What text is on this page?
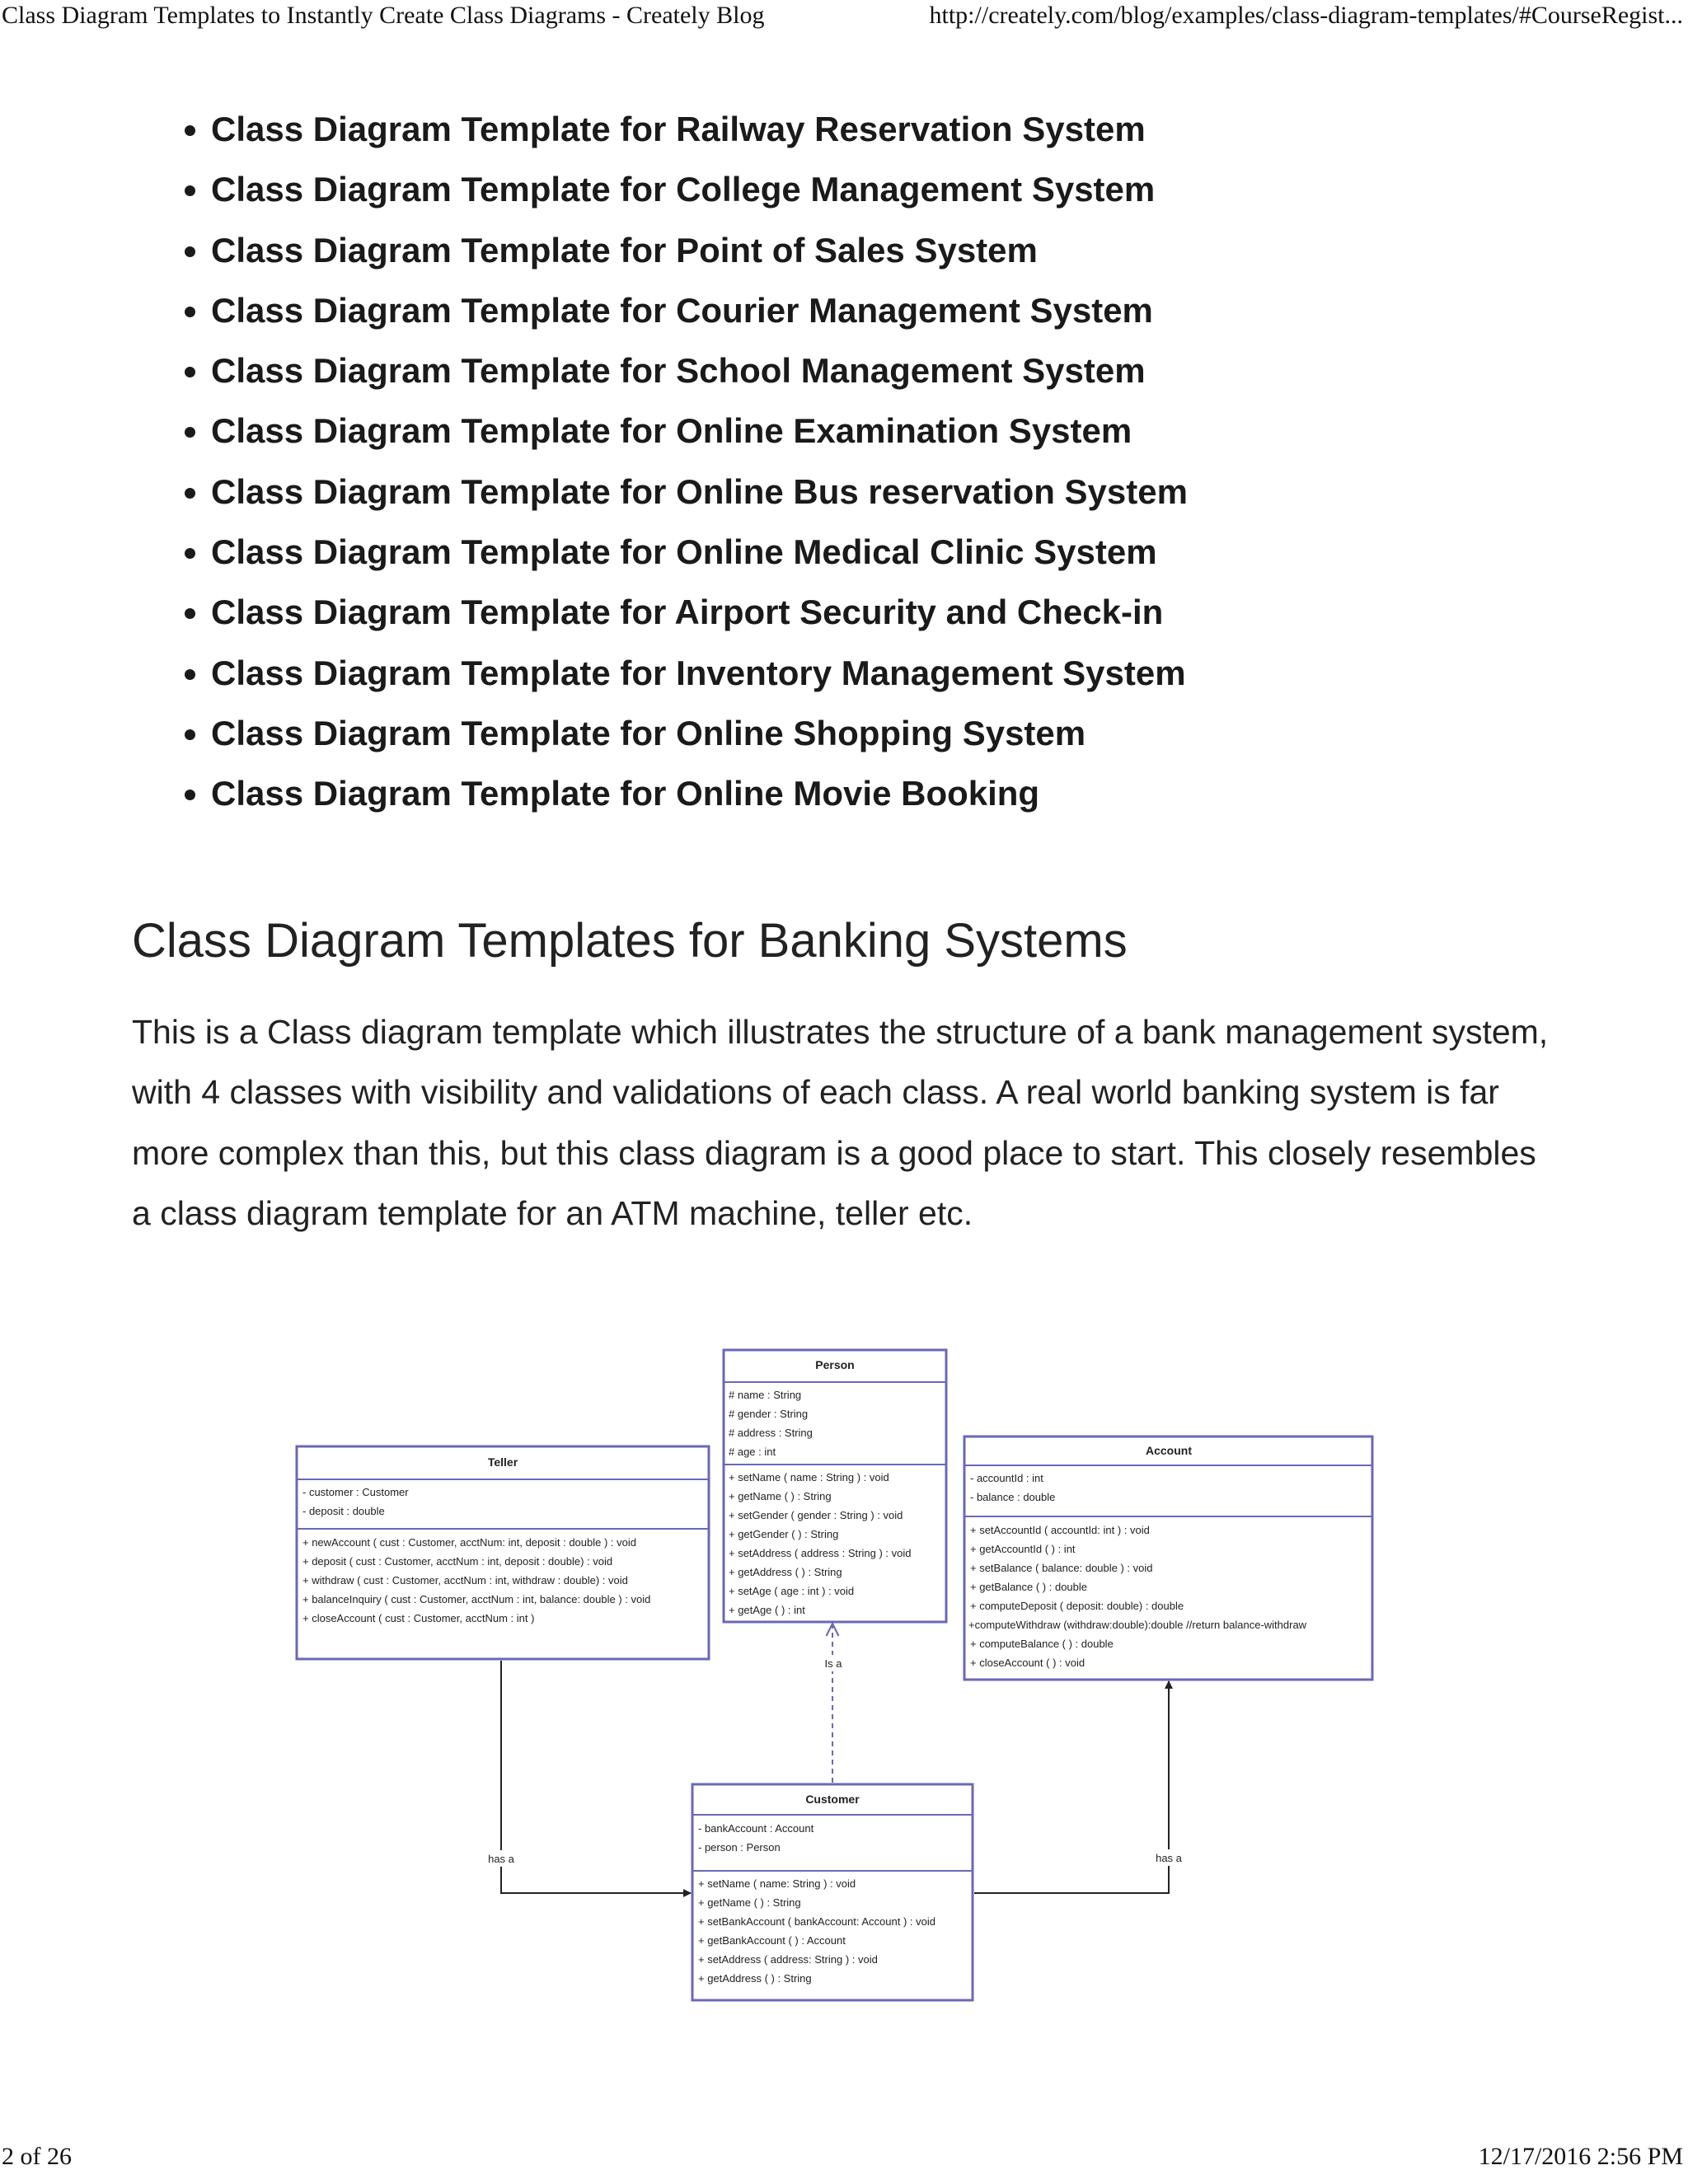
Class Diagram Templates to Instantly Create Class Diagrams - Creately Blog	http://creately.com/blog/examples/class-diagram-templates/#CourseRegist...
• Class Diagram Template for Railway Reservation System
• Class Diagram Template for College Management System
• Class Diagram Template for Point of Sales System
• Class Diagram Template for Courier Management System
• Class Diagram Template for School Management System
• Class Diagram Template for Online Examination System
• Class Diagram Template for Online Bus reservation System
• Class Diagram Template for Online Medical Clinic System
• Class Diagram Template for Airport Security and Check-in
• Class Diagram Template for Inventory Management System
• Class Diagram Template for Online Shopping System
• Class Diagram Template for Online Movie Booking
Class Diagram Templates for Banking Systems

This is a Class diagram template which illustrates the structure of a bank management system, with 4 classes with visibility and validations of each class. A real world banking system is far more complex than this, but this class diagram is a good place to start. This closely resembles a class diagram template for an ATM machine, teller etc.

Person
# name : String
# gender : String
# address : String
# age : int
+ setName ( name : String ) : void
+ getName ( ) : String
+ setGender ( gender : String ) : void
+ getGender ( ) : String
+ setAddress ( address : String ) : void
+ getAddress ( ) : String
+ setAge ( age : int ) : void
+ getAge ( ) : int
Teller
- customer : Customer
- deposit : double
+ newAccount ( cust : Customer, acctNum: int, deposit : double ) : void
+ deposit ( cust : Customer, acctNum : int, deposit : double) : void
+ withdraw ( cust : Customer, acctNum : int, withdraw : double) : void
+ balanceInquiry ( cust : Customer, acctNum : int, balance: double ) : void
+ closeAccount ( cust : Customer, acctNum : int )
Account
- accountId : int
- balance : double
+ setAccountId ( accountId: int ) : void
+ getAccountId ( ) : int
+ setBalance ( balance: double ) : void
+ getBalance ( ) : double
+ computeDeposit ( deposit: double) : double
+computeWithdraw (withdraw:double):double //return balance-withdraw
+ computeBalance ( ) : double
+ closeAccount ( ) : void
Customer
- bankAccount : Account
- person : Person
+ setName ( name: String ) : void
+ getName ( ) : String
+ setBankAccount ( bankAccount: Account ) : void
+ getBankAccount ( ) : Account
+ setAddress ( address: String ) : void
+ getAddress ( ) : String
Is a
has a	has a
2 of 26	12/17/2016 2:56 PM
